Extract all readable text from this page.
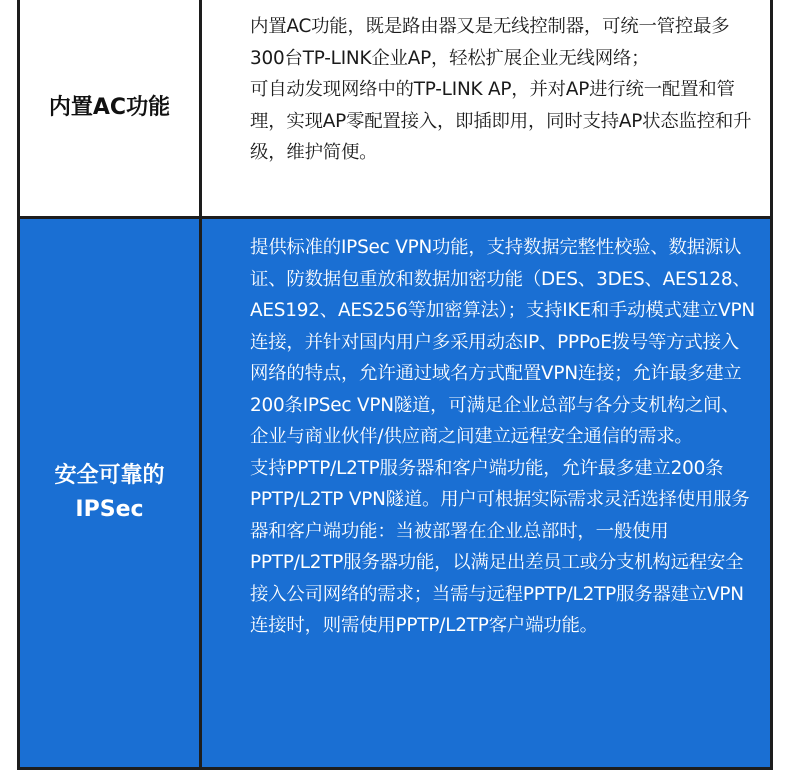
内置AC功能

内置AC功能，既是路由器又是无线控制器，可统一管控最多300台TP-LINK企业AP，轻松扩展企业无线网络；

可自动发现网络中的TP-LINK AP，并对AP进行统一配置和管理，实现AP零配置接入，即插即用，同时支持AP状态监控和升级，维护简便。

安全可靠的
IPSec

提供标准的IPSec VPN功能，支持数据完整性校验、数据源认证、防数据包重放和数据加密功能（DES、3DES、AES128、AES192、AES256等加密算法）；支持IKE和手动模式建立VPN连接，并针对国内用户多采用动态IP、PPPoE拨号等方式接入网络的特点，允许通过域名方式配置VPN连接；允许最多建立200条IPSec VPN隧道，可满足企业总部与各分支机构之间、企业与商业伙伴/供应商之间建立远程安全通信的需求。

支持PPTP/L2TP服务器和客户端功能，允许最多建立200条PPTP/L2TP VPN隧道。用户可根据实际需求灵活选择使用服务器和客户端功能：当被部署在企业总部时，一般使用PPTP/L2TP服务器功能，以满足出差员工或分支机构远程安全接入公司网络的需求；当需与远程PPTP/L2TP服务器建立VPN连接时，则需使用PPTP/L2TP客户端功能。
